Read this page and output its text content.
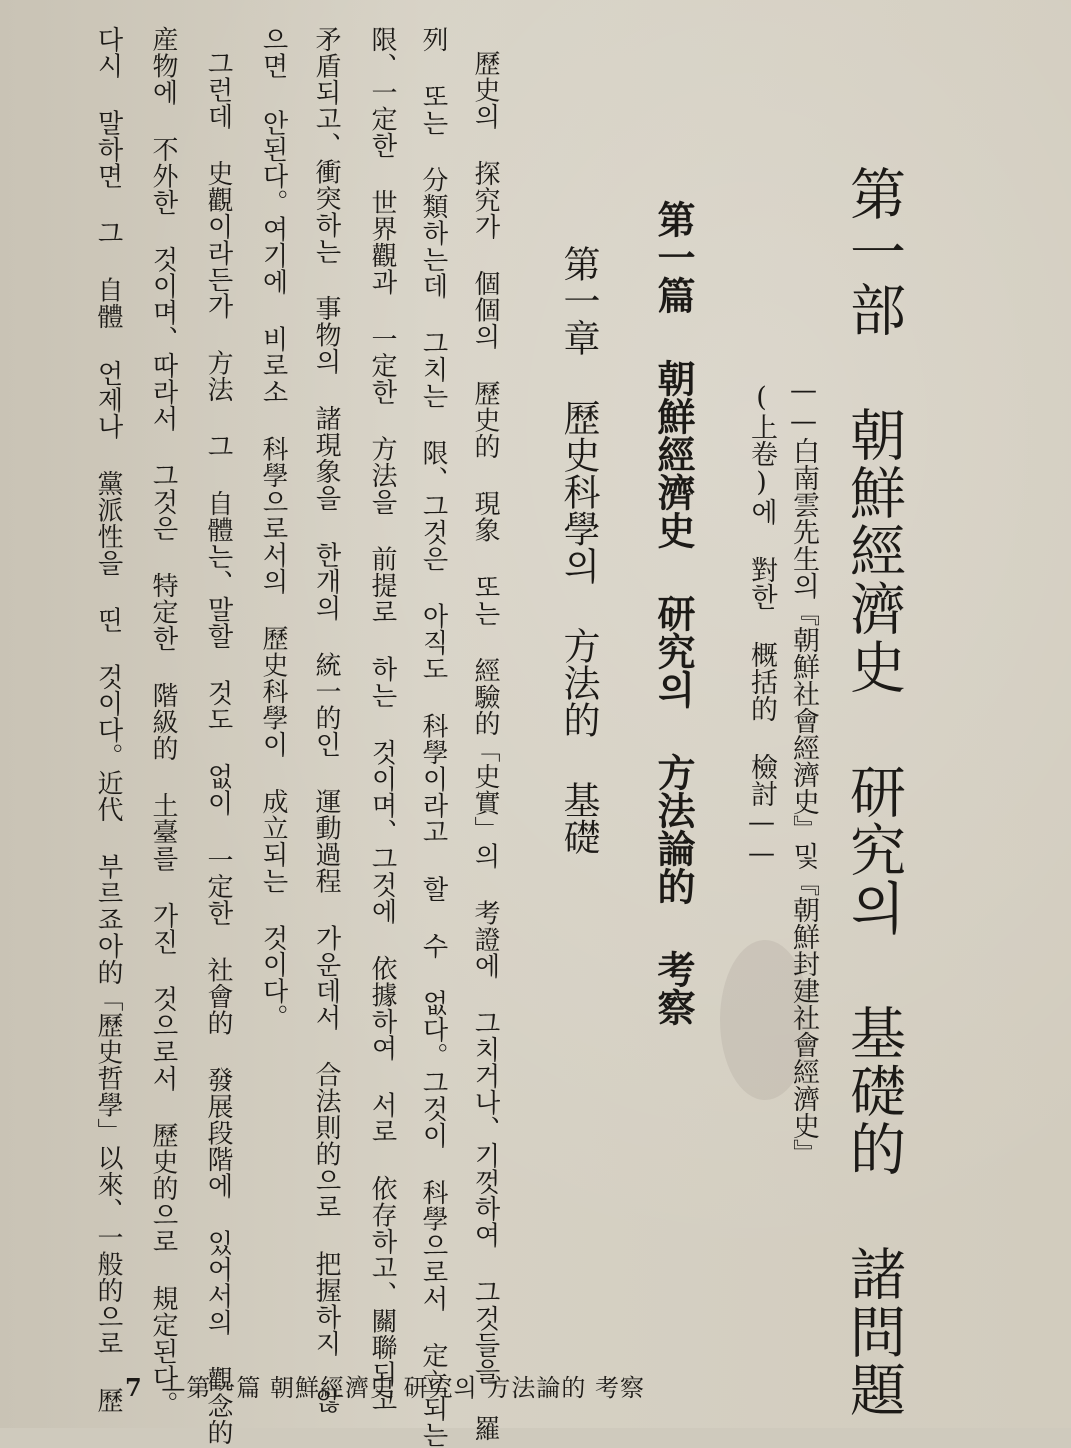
第一部 朝鮮經濟史 研究의 基礎的 諸問題
——白南雲先生의『朝鮮社會經濟史』및『朝鮮封建社會經濟史』
(上卷)에 對한 概括的 檢討——
第一篇 朝鮮經濟史 研究의 方法論的 考察
第一章 歷史科學의 方法的 基礎
歷史의 探究가 個個의 歷史的 現象 또는 經驗的「史實」의 考證에 그치거나、기껏하여 그것들을 羅
列 또는 分類하는데 그치는 限、그것은 아직도 科學이라고 할 수 없다。그것이 科學으로서 定立되는
限、一定한 世界觀과 一定한 方法을 前提로 하는 것이며、그것에 依據하여 서로 依存하고、關聯되고
矛盾되고、衝突하는 事物의 諸現象을 한개의 統一的인 運動過程 가운데서 合法則的으로 把握하지 않
으면 안된다。여기에 비로소 科學으로서의 歷史科學이 成立되는 것이다。
그런데 史觀이라든가 方法 그 自體는、말할 것도 없이 一定한 社會的 發展段階에 있어서의 觀念的
産物에 不外한 것이며、따라서 그것은 特定한 階級的 土臺를 가진 것으로서 歷史的으로 規定된다。
다시 말하면 그 自體 언제나 黨派性을 띤 것이다。近代 부르죠아的「歷史哲學」以來、一般的으로 歷 7 —第一篇 朝鮮經濟史 研究의 方法論的 考察
